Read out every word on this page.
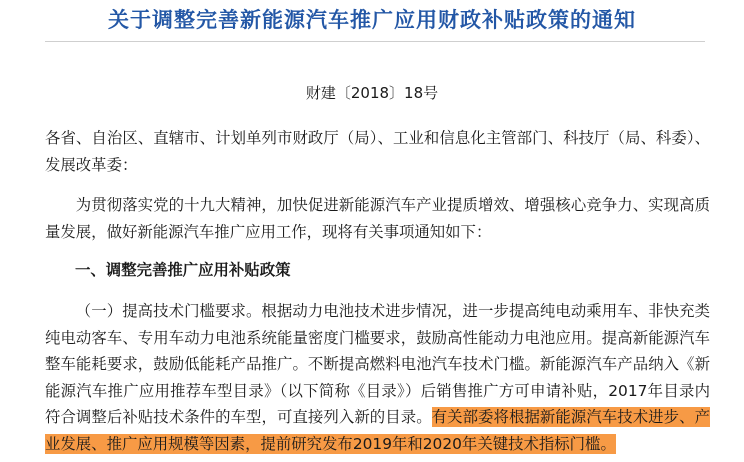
关于调整完善新能源汽车推广应用财政补贴政策的通知
财建〔2018〕18号
各省、自治区、直辖市、计划单列市财政厅（局）、工业和信息化主管部门、科技厅（局、科委）、发展改革委：
为贯彻落实党的十九大精神，加快促进新能源汽车产业提质增效、增强核心竞争力、实现高质量发展，做好新能源汽车推广应用工作，现将有关事项通知如下：
一、调整完善推广应用补贴政策
（一）提高技术门槛要求。根据动力电池技术进步情况，进一步提高纯电动乘用车、非快充类纯电动客车、专用车动力电池系统能量密度门槛要求，鼓励高性能动力电池应用。提高新能源汽车整车能耗要求，鼓励低能耗产品推广。不断提高燃料电池汽车技术门槛。新能源汽车产品纳入《新能源汽车推广应用推荐车型目录》（以下简称《目录》）后销售推广方可申请补贴，2017年目录内符合调整后补贴技术条件的车型，可直接列入新的目录。有关部委将根据新能源汽车技术进步、产业发展、推广应用规模等因素，提前研究发布2019年和2020年关键技术指标门槛。
